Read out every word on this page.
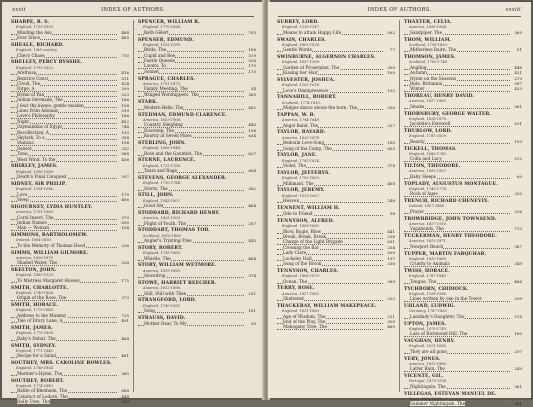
xxxii	INDEX OF AUTHORS.
SHARPE, R. S.
England, 1759-1835.
Minding the Ass	484
Ever Since	485
SHEALE, RICHARD.
England, 16th century.
Chevy Chase	710
SHELLEY, PERCY BYSSHE.
England, 1792-1822.
Arethusa	416
Beatrice Cenci	511
Cloud, The	424
Dirge, A	299
Hymn of Pan	523
Indian Serenade, The	166
I fear thy kisses, gentle maiden	158
Lines from Adonais	299
Love's Philosophy	166
Night	402
Ozymandias of Egypt	744
Recollection, A	193
Skylark, To a	358
Stanzas	194
Sunset	332
Time	568
West Wind, To the	436
SHIRLEY, JAMES.
England, 1596-1666.
Death's Final Conquest	297
SIDNEY, SIR PHILIP.
England, 1554-1586.
Love	170
Sleep	406
SIGOURNEY, LYDIA HUNTLEY.
America, 1791-1865.
Coral Insect, The	379
Indian Names	695
Man — Woman	104
SIMMONS, BARTHOLOMEW.
Ireland, 1804-1850.
To the Memory of Thomas Hood	236
SIMMS, WILLIAM GILMORE.
America, 1806-1870.
Shaded Water, The	328
SKELTON, JOHN.
England, 1460-1529.
To Mistress Margaret Hussey	175
SMITH, CHARLOTTE.
England, 1749-1806.
Origin of the Rose, The	373
SMITH, HORACE.
England, 1779-1849.
Address to the Mummy	725
Tale of Drury Lane, A	491
SMITH, JAMES.
England, 1775-1839.
Baby's Debut, The	464
SMITH, SYDNEY.
England, 1771-1845.
Recipe for a Salad	481
SOUTHEY, MRS. CAROLINE BOWLES.
England, 1786-1854.
Mariner's Hymn, The	385
SOUTHEY, ROBERT.
England, 1774-1843.
Battle of Blenheim, The	688
Cataract of Lodore, The	444
Holly Tree, The	339
SPENCER, WILLIAM R.
England, 1770-1834.
Beth Gêlert	703
SPENSER, EDMUND.
England, 1553-1599.
Bride, The	188
Cupid and Bee	519
Faerie Queene	526
Lovers, To	170
Sonnet	173
SPRAGUE, CHARLES.
America, 1791-1875.
Family Meeting, The	54
Winged Worshippers, The	365
STARK.
Modern Belle, The	482
STEDMAN, EDMUND CLARENCE.
America, 1833-1908.
Country Sleighing	449
Doorstep, The	158
Kearny at Seven Pines	634
STERLING, JOHN.
England, 1806-1844.
Rose and the Gauntlet, The	627
STERNE, LAURENCE.
England, 1713-1768.
Tears and Rage	604
STEVENS, GEORGE ALEXANDER.
England, 1710-1784.
Storm, The	382
STILL, JOHN.
England, 1543-1607.
Good Ale	464
STODDARD, RICHARD HENRY.
America, 1825-1903.
Flight of Youth, The	287
STODDART, THOMAS TOD.
Scotland, 1810-1880.
Angler's Trysting-Tree	443
STORY, ROBERT.
England, 1795-1860.
Whistle, The	484
STORY, WILLIAM WETMORE.
America, 1819-1895.
Snowdrop	374
STOWE, HARRIET BEECHER.
America, 1812-1896.
Still, Still with Thee	251
STRANGFORD, LORD.
England, 1780-1855.
Song	181
STRAUSS, DAVID.
Mother Dear, To My	59
xxxiii
INDEX OF AUTHORS.
SURREY, LORD.
England, 1516-1547.
Means to attain Happy Life	562
SWAIN, CHARLES.
England, 1803-1874.
Gentle Words	77
SWINBURNE, ALGERNON CHARLES.
England, 1837-1909.
Garden of Proserpine, The	300
Kissing her Hair	165
SYLVESTER, JOSHUA.
England, 1563-1618.
Love's Omnipresence	152
TANNAHILL, ROBERT.
Scotland, 1774-1810.
Midges dance aboon the burn, The	330
TAPPAN, W. B.
America, 1794-1849.
Angel Band, The	257
TAYLOR, BAYARD.
America, 1825-1878.
Bedouin Love-Song	180
Song of the Camp, The	655
TAYLOR, JANE.
England, 1783-1824.
Violet, The	374
TAYLOR, JEFFERYS.
England, 1792-1853.
Milkmaid, The	468
TAYLOR, JEREMY.
England, 1613-1667.
Heaven	248
TENNENT, WILLIAM H.
Ode to Friend	98
TENNYSON, ALFRED.
England, 1809-1892.
Blow, Bugle, Blow	441
Break, Break, Break	298
Charge of the Light Brigade	631
Crossing the Bar	254
Lady Clare	500
Locksley Hall	197
Song of the Brook	336
TENNYSON, CHARLES.
England, 1808-1879.
Ocean, The	389
TERRY, ROSE.
America, 1827-1892.
Sheltered	222
THACKERAY, WILLIAM MAKEPEACE.
England, 1811-1863.
Age of Wisdom, The	211
End of the Play, The	300
Mahogany Tree, The	469
THAXTER, CELIA.
America, 1836-1894.
Sandpiper, The	365
THOM, WILLIAM.
Scotland, 1799-1850.
Mitherless Bairn, The	51
THOMSON, JAMES.
Scotland, 1700-1748.
Angling	446
Autumn	421
Hymn on the Seasons	279
Rule, Britannia	587
Winter	433
THOREAU, HENRY DAVID.
America, 1817-1862.
Smoke	561
THORNBURY, GEORGE WALTER.
England, 1828-1876.
Jacobite's Farewell	591
THURLOW, LORD.
England, 1781-1829.
Beauty	193
TICKELL, THOMAS.
England, 1686-1740.
Colin and Lucy	512
TILTON, THEODORE.
America, 1835-1907.
Baby Sleeps	60
TOPLADY, AUGUSTUS MONTAGUE.
England, 1740-1778.
Rock of Ages	250
TRENCH, RICHARD CHENEVIX.
Ireland, 1807-1886.
Prayer	256
TROWBRIDGE, JOHN TOWNSEND.
America, 1827-1916.
Vagabonds, The	713
TUCKERMAN, HENRY THEODORE.
America, 1813-1871.
Newport Beach	387
TUPPER, MARTIN FARQUHAR.
England, 1810-1889.
Cruelty to Animals	349
TWISS, HORACE.
England, 1787-1849.
Tongue, The	466
TYCHBORN, CHIDIOCK.
England, 1558-1586.
Lines written by one in the Tower	299
UHLAND, LUDWIG.
Germany, 1787-1862.
Landlady's Daughter, The	518
UPTON, JAMES.
England, 1670-1749.
Lass of Richmond Hill, The	180
VAUGHAN, HENRY.
England, 1621-1695.
They are all gone	297
VERY, JONES.
America, 1813-1880.
Latter Rain, The	249
VICENTE, GIL.
Portugal, 1470-1536.
Nightingale, The	361
VILLEGAS, ESTEVAN MANUEL DE.
Spain, 1596-1669.
Summer Nightingale, The	361
